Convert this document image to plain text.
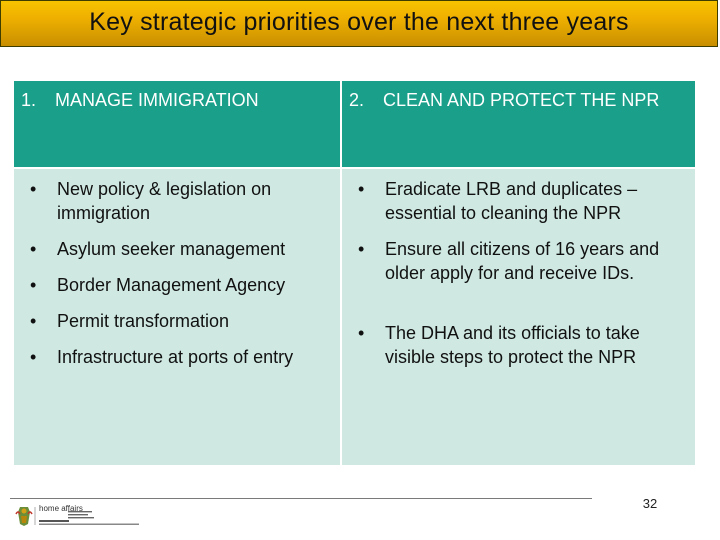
Key strategic priorities over the next three years
1.	MANAGE IMMIGRATION
•	New policy & legislation on immigration
•	Asylum seeker management
•	Border Management Agency
•	Permit transformation
•	Infrastructure at ports of entry
2.	CLEAN AND PROTECT THE NPR
•	Eradicate LRB and duplicates – essential to cleaning the NPR
•	Ensure all citizens of 16 years and older apply for and receive IDs.
•	The DHA and its officials to take visible steps to protect the NPR
home affairs	32
